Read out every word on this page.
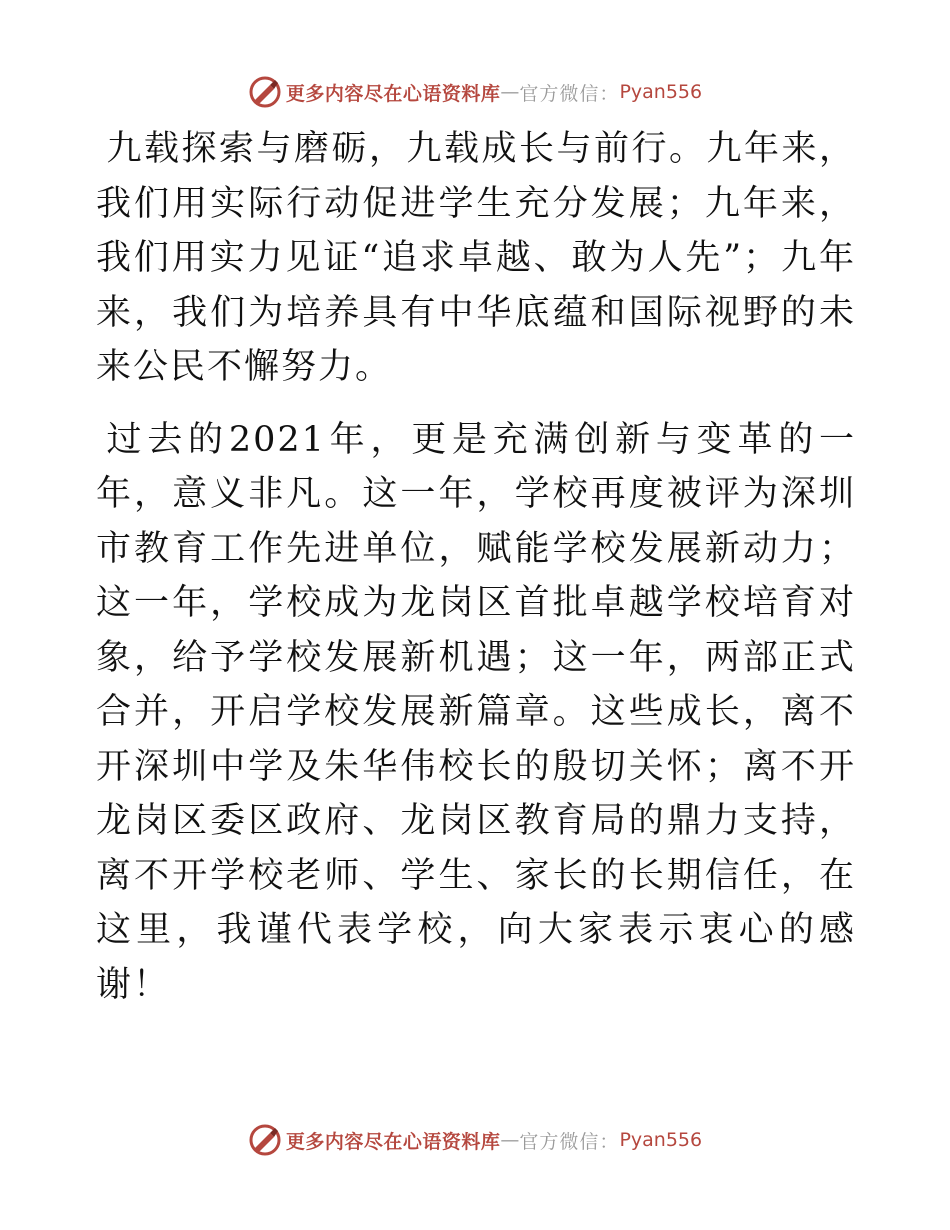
更多内容尽在心语资料库 — 官方微信： Pyan556

九载探索与磨砺，九载成长与前行。九年来，我们用实际行动促进学生充分发展；九年来，我们用实力见证“追求卓越、敢为人先”；九年来，我们为培养具有中华底蕴和国际视野的未来公民不懈努力。

过去的2021年，更是充满创新与变革的一年，意义非凡。这一年，学校再度被评为深圳市教育工作先进单位，赋能学校发展新动力；这一年，学校成为龙岗区首批卓越学校培育对象，给予学校发展新机遇；这一年，两部正式合并，开启学校发展新篇章。这些成长，离不开深圳中学及朱华伟校长的殷切关怀；离不开龙岗区委区政府、龙岗区教育局的鼎力支持，离不开学校老师、学生、家长的长期信任，在这里，我谨代表学校，向大家表示衷心的感谢！

更多内容尽在心语资料库 — 官方微信： Pyan556
